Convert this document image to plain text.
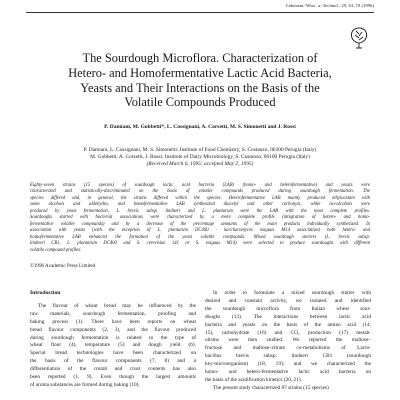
Lebensm.-Wiss. u.-Technol., 29, 63–70 (1996)
The Sourdough Microflora. Characterization of
Hetero- and Homofermentative Lactic Acid Bacteria,
Yeasts and Their Interactions on the Basis of the
Volatile Compounds Produced
P. Damiani, M. Gobbetti*, L. Cossignani, A. Corsetti, M. S. Simonetti and J. Rossi
P. Damiani, L. Cossignani, M. S. Simonetti: Institute of Food Chemistry, S. Costanzo, 06100 Perugia (Italy)
M. Gobbetti, A. Corsetti, J. Rossi: Institute of Dairy Microbiology, S. Costanzo, 06100 Perugia (Italy)
(Received March 6, 1995; accepted May 2, 1995)
Eighty-seven strains (15 species) of sourdough lactic acid bacteria (LAB) (homo- and heterofermentative) and yeasts were
characterized and statistically-discriminated on the basis of volatile compounds produced during sourdough fermentation. The
species differed and, in general, the strains differed within the species. Heterofermentative LAB mainly produced ethylacetate with
some alcohols and aldehydes, and homofermentative LAB synthesized diacetyl and other carbonyls, while iso-alcohols were
produced by yeast fermentation. L. brevis subsp. lindneri and L. plantarum were the LAB with the most complete profiles.
Sourdoughs started with bacterial associations were characterized by a more complete profile (integration of hetero- and homo-
fermentative volatile compounds) and by a decrease of the percentage amounts of the main products individually synthesized. In
association with yeasts (with the exception of L. plantarum DC400 · Saccharomyces exiguus M14 association) both hetero- and
homofermentative LAB enhanced the formation of the yeast volatile compounds. Mixed sourdough starters (L. brevis subsp.
lindneri CB1, L. plantarum DC400 and S. cerevisiae 141 or S. exiguus M14) were selected to produce sourdoughs with different
volatile compound profiles.
©1996 Academic Press Limited
Introduction
The flavour of wheat bread may be influenced by the
raw materials, sourdough fermentation, proofing and
baking process (1). There have been reports on wheat
bread flavour components (2, 3), and the flavour produced
during sourdough fermentation is related to the type of
wheat flour (4), temperature (5) and dough yield (6).
Special bread technologies have been characterized on
the basis of the flavour components (7, 8) and a
differentiation of the crumb and crust contents has also
been reported (1, 9). Even though the largest amounts
of aroma substances are formed during baking (10),
In order to formulate a mixed sourdough starter with
desired and constant activity, we isolated and identified
the sourdough microflora from Italian wheat sour-
doughs (13). The interactions between lactic acid
bacteria and yeasts on the basis of the amino acid (14,
15), carbohydrate (16) and CO₂ production (17) metab-
olisms were then studied. We reported the maltose–
fructose and maltose–citrate co-metabolisms of Lacto-
bacillus brevis subsp. lindneri CB1 (sourdough
key-microorganism) (18, 19); and we characterized the
homo- and hetero-fermentative lactic acid bacteria on
the basis of the acidification kinetics (20, 21).
The present study characterized 87 strains (15 species)
